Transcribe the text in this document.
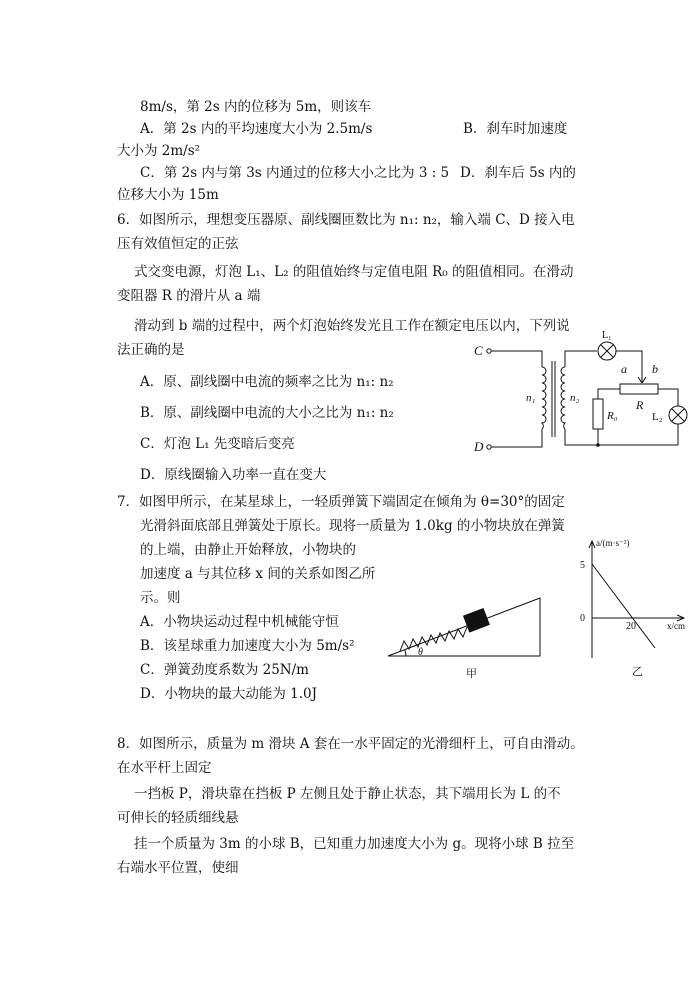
8m/s，第 2s 内的位移为 5m，则该车
A．第 2s 内的平均速度大小为 2.5m/s	B．刹车时加速度
大小为 2m/s²
C．第 2s 内与第 3s 内通过的位移大小之比为 3 : 5 D．刹车后 5s 内的
位移大小为 15m
6．如图所示，理想变压器原、副线圈匝数比为 n₁: n₂，输入端 C、D 接入电
压有效值恒定的正弦
式交变电源，灯泡 L₁、L₂ 的阻值始终与定值电阻 R₀ 的阻值相同。在滑动
变阻器 R 的滑片从 a 端
滑动到 b 端的过程中，两个灯泡始终发光且工作在额定电压以内，下列说
法正确的是
A．原、副线圈中电流的频率之比为 n₁: n₂
B．原、副线圈中电流的大小之比为 n₁: n₂
C．灯泡 L₁ 先变暗后变亮
D．原线圈输入功率一直在变大
C
D
n₁	n₂
L₁
a b
R
R₀	L₂
7．如图甲所示，在某星球上，一轻质弹簧下端固定在倾角为 θ=30°的固定
光滑斜面底部且弹簧处于原长。现将一质量为 1.0kg 的小物块放在弹簧
的上端，由静止开始释放，小物块的
加速度 a 与其位移 x 间的关系如图乙所
示。则
A．小物块运动过程中机械能守恒
B．该星球重力加速度大小为 5m/s²
C．弹簧劲度系数为 25N/m
D．小物块的最大动能为 1.0J
θ
甲
a/(m·s⁻²)
x/cm
5
0
20
乙
8．如图所示，质量为 m 滑块 A 套在一水平固定的光滑细杆上，可自由滑动。
在水平杆上固定
一挡板 P，滑块靠在挡板 P 左侧且处于静止状态，其下端用长为 L 的不
可伸长的轻质细线悬
挂一个质量为 3m 的小球 B，已知重力加速度大小为 g。现将小球 B 拉至
右端水平位置，使细
